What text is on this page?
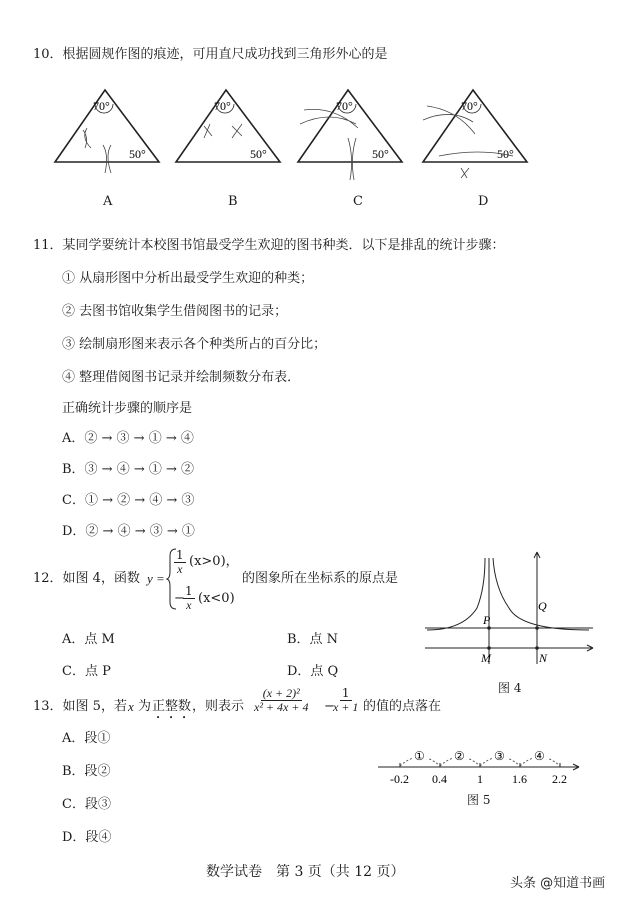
10．根据圆规作图的痕迹，可用直尺成功找到三角形外心的是
70°
50°
A
70°
50°
B
70°
50°
C
70°
50°
D
11．某同学要统计本校图书馆最受学生欢迎的图书种类．以下是排乱的统计步骤：
① 从扇形图中分析出最受学生欢迎的种类；
② 去图书馆收集学生借阅图书的记录；
③ 绘制扇形图来表示各个种类所占的百分比；
④ 整理借阅图书记录并绘制频数分布表．
正确统计步骤的顺序是
A．② → ③ → ① → ④
B．③ → ④ → ① → ②
C．① → ② → ④ → ③
D．② → ④ → ③ → ①
12．如图 4，函数 y =
$\frac{1}{x} (x>0)$，
−
$\frac{1}{x} (x<0)$
的图象所在坐标系的原点是
A．点 M	B．点 N
C．点 P	D．点 Q
Q
P
M	N
图 4
13．如图 5，若 x 为 正整数 ，则表示 $\frac{\text{(x + 2)²}}{\text{x² + 4x + 4}}$ −
$\frac{1}{x + 1}$ 的值的点落在
A．段①
B．段②
C．段③
D．段④
① ② ③ ④
-0.2 0.4	1 1.6 2.2
图 5
数学试卷　第 3 页（共 12 页）
头条 @知道书画
